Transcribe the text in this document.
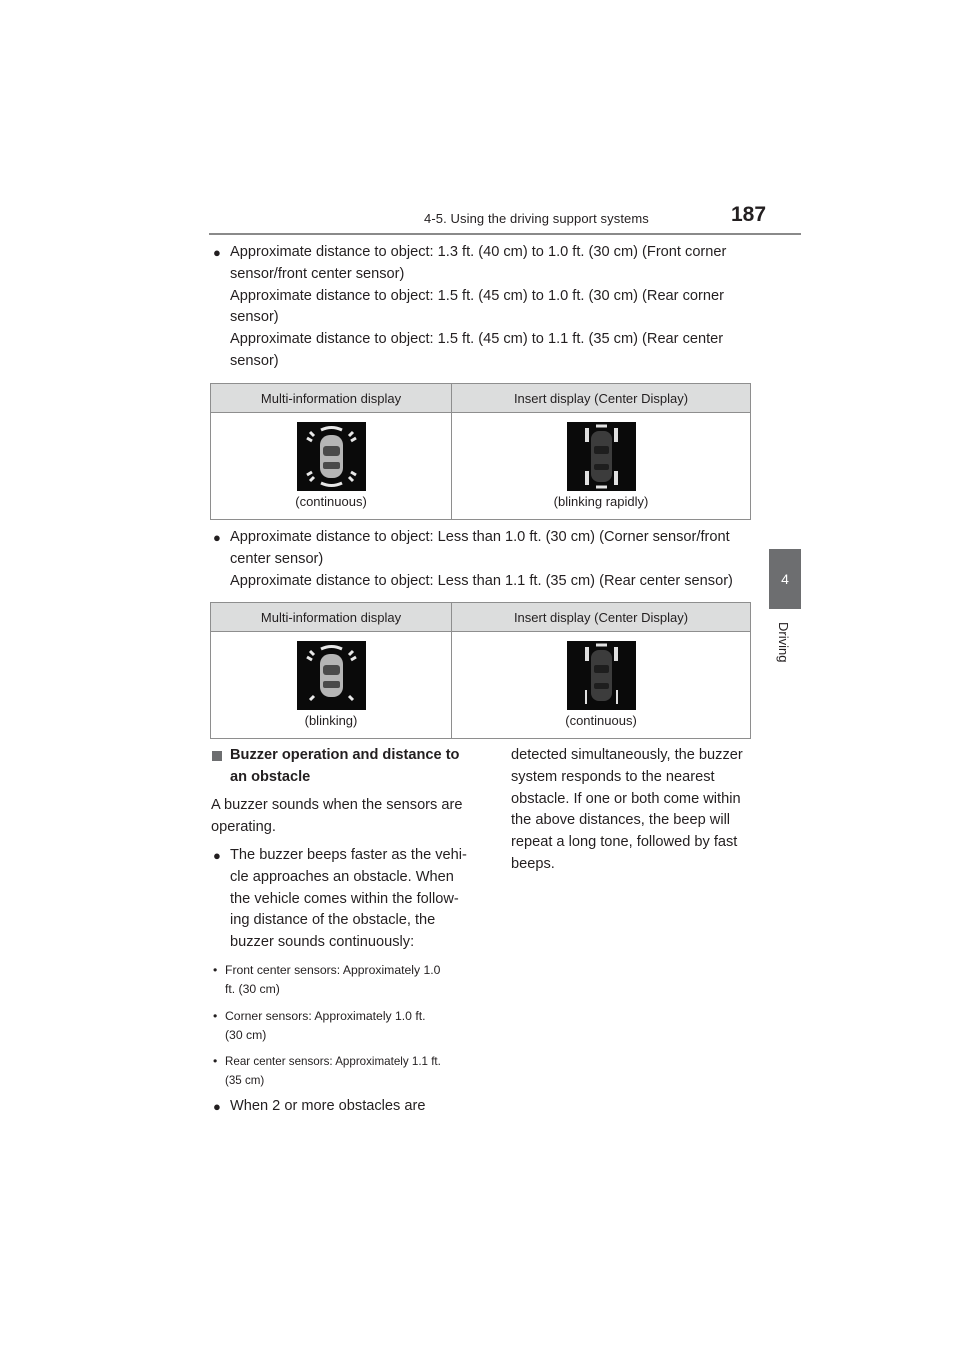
4-5. Using the driving support systems	187
4
Driving
● Approximate distance to object: 1.3 ft. (40 cm) to 1.0 ft. (30 cm) (Front corner
sensor/front center sensor)
Approximate distance to object: 1.5 ft. (45 cm) to 1.0 ft. (30 cm) (Rear corner
sensor)
Approximate distance to object: 1.5 ft. (45 cm) to 1.1 ft. (35 cm) (Rear center
sensor)
Multi-information display	Insert display (Center Display)

(continuous)	(blinking rapidly)
● Approximate distance to object: Less than 1.0 ft. (30 cm) (Corner sensor/front
center sensor)
Approximate distance to object: Less than 1.1 ft. (35 cm) (Rear center sensor)
Multi-information display	Insert display (Center Display)

(blinking)	(continuous)
Buzzer operation and distance to
an obstacle
A buzzer sounds when the sensors are
operating.
● The buzzer beeps faster as the vehi-
cle approaches an obstacle. When
the vehicle comes within the follow-
ing distance of the obstacle, the
buzzer sounds continuously:
• Front center sensors: Approximately 1.0
ft. (30 cm)
• Corner sensors: Approximately 1.0 ft.
(30 cm)
• Rear center sensors: Approximately 1.1 ft.
(35 cm)
● When 2 or more obstacles are
detected simultaneously, the buzzer
system responds to the nearest
obstacle. If one or both come within
the above distances, the beep will
repeat a long tone, followed by fast
beeps.
